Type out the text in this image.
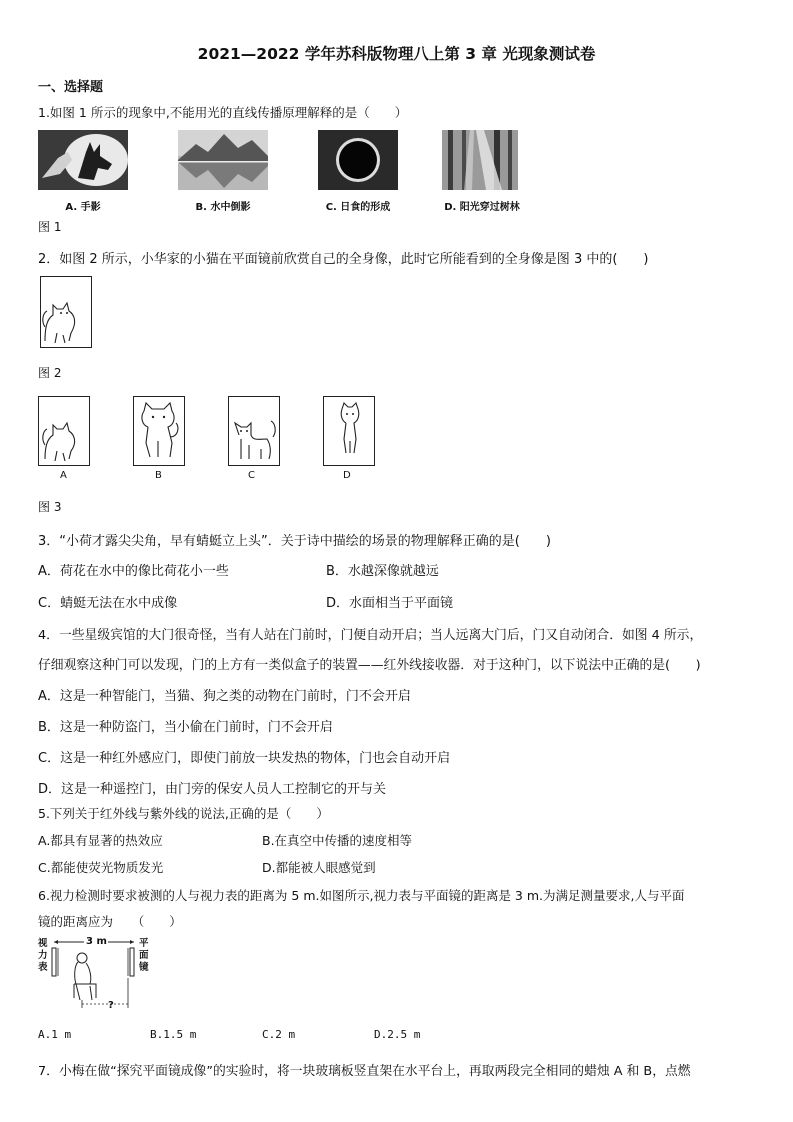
2021—2022 学年苏科版物理八上第 3 章 光现象测试卷
一、选择题
1.如图 1 所示的现象中,不能用光的直线传播原理解释的是（　　）
A. 手影	B. 水中倒影	C. 日食的形成	D. 阳光穿过树林
图 1
2．如图 2 所示，小华家的小猫在平面镜前欣赏自己的全身像，此时它所能看到的全身像是图 3 中的(　　)
图 2
A	B	C	D
图 3
3．“小荷才露尖尖角，早有蜻蜓立上头”．关于诗中描绘的场景的物理解释正确的是(　　)
A．荷花在水中的像比荷花小一些	B．水越深像就越远
C．蜻蜓无法在水中成像	D．水面相当于平面镜
4．一些星级宾馆的大门很奇怪，当有人站在门前时，门便自动开启；当人远离大门后，门又自动闭合．如图 4 所示，
仔细观察这种门可以发现，门的上方有一类似盒子的装置——红外线接收器．对于这种门，以下说法中正确的是(　　)
A．这是一种智能门，当猫、狗之类的动物在门前时，门不会开启
B．这是一种防盗门，当小偷在门前时，门不会开启
C．这是一种红外感应门，即使门前放一块发热的物体，门也会自动开启
D．这是一种遥控门，由门旁的保安人员人工控制它的开与关
5.下列关于红外线与紫外线的说法,正确的是（　　）
A.都具有显著的热效应	B.在真空中传播的速度相等
C.都能使荧光物质发光	D.都能被人眼感觉到
6.视力检测时要求被测的人与视力表的距离为 5 m.如图所示,视力表与平面镜的距离是 3 m.为满足测量要求,人与平面
镜的距离应为　　（　　）
视
力
表
平
面
镜
3 m
?
A.1 m	B.1.5 m	C.2 m	D.2.5 m
7．小梅在做“探究平面镜成像”的实验时，将一块玻璃板竖直架在水平台上，再取两段完全相同的蜡烛 A 和 B，点燃
